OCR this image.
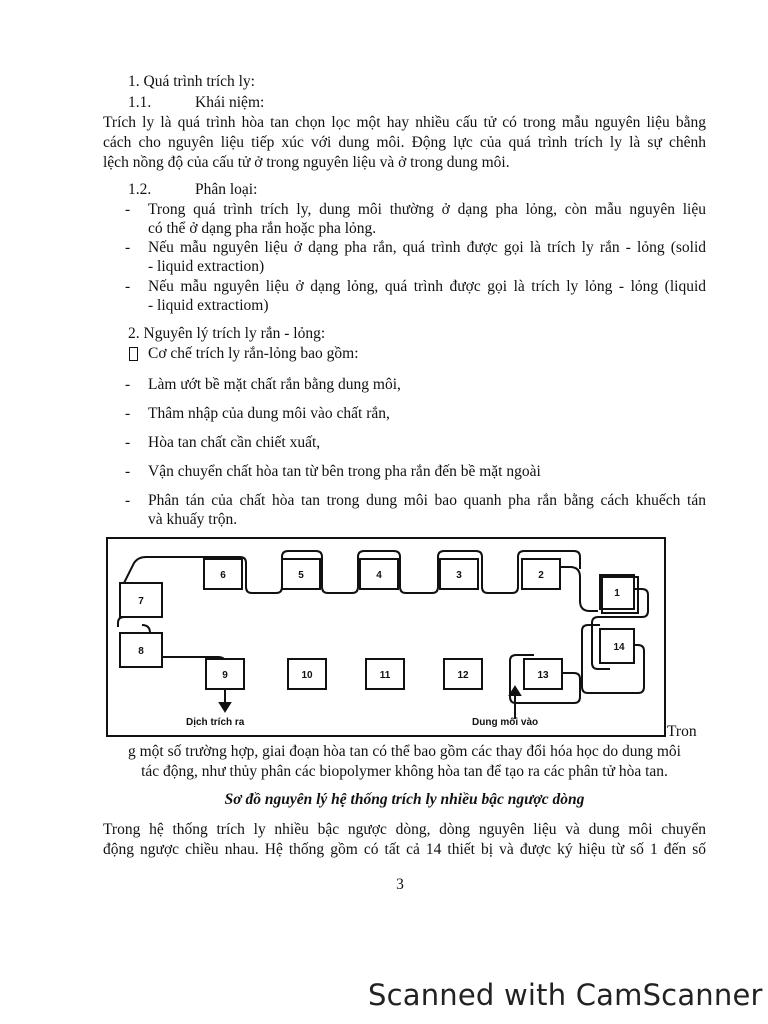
1. Quá trình trích ly:
1.1.	Khái niệm:
Trích ly là quá trình hòa tan chọn lọc một hay nhiều cấu tử có trong mẫu nguyên liệu bằng
cách cho nguyên liệu tiếp xúc với dung môi. Động lực của quá trình trích ly là sự chênh
lệch nồng độ của cấu tử ở trong nguyên liệu và ở trong dung môi.
1.2.	Phân loại:
- Trong quá trình trích ly, dung môi thường ở dạng pha lỏng, còn mẫu nguyên liệu
có thể ở dạng pha rắn hoặc pha lỏng.
- Nếu mẫu nguyên liệu ở dạng pha rắn, quá trình được gọi là trích ly rắn - lỏng (solid
- liquid extraction)
- Nếu mẫu nguyên liệu ở dạng lỏng, quá trình được gọi là trích ly lỏng - lỏng (liquid
- liquid extractiom)
2. Nguyên lý trích ly rắn - lỏng:
Cơ chế trích ly rắn-lỏng bao gồm:
- Làm ướt bề mặt chất rắn bằng dung môi,
- Thâm nhập của dung môi vào chất rắn,
- Hòa tan chất cần chiết xuất,
- Vận chuyển chất hòa tan từ bên trong pha rắn đến bề mặt ngoài
- Phân tán của chất hòa tan trong dung môi bao quanh pha rắn bằng cách khuếch tán
và khuấy trộn.
6	5	4	3	2
1
7
8	14
9	10	11	12	13
Dịch trích ra	Dung môi vào
Tron
g một số trường hợp, giai đoạn hòa tan có thể bao gồm các thay đổi hóa học do dung môi
tác động, như thủy phân các biopolymer không hòa tan để tạo ra các phân tử hòa tan.
Sơ đồ nguyên lý hệ thống trích ly nhiều bậc ngược dòng
Trong hệ thống trích ly nhiều bậc ngược dòng, dòng nguyên liệu và dung môi chuyển
động ngược chiều nhau. Hệ thống gồm có tất cả 14 thiết bị và được ký hiệu từ số 1 đến số
3
Scanned with CamScanner
